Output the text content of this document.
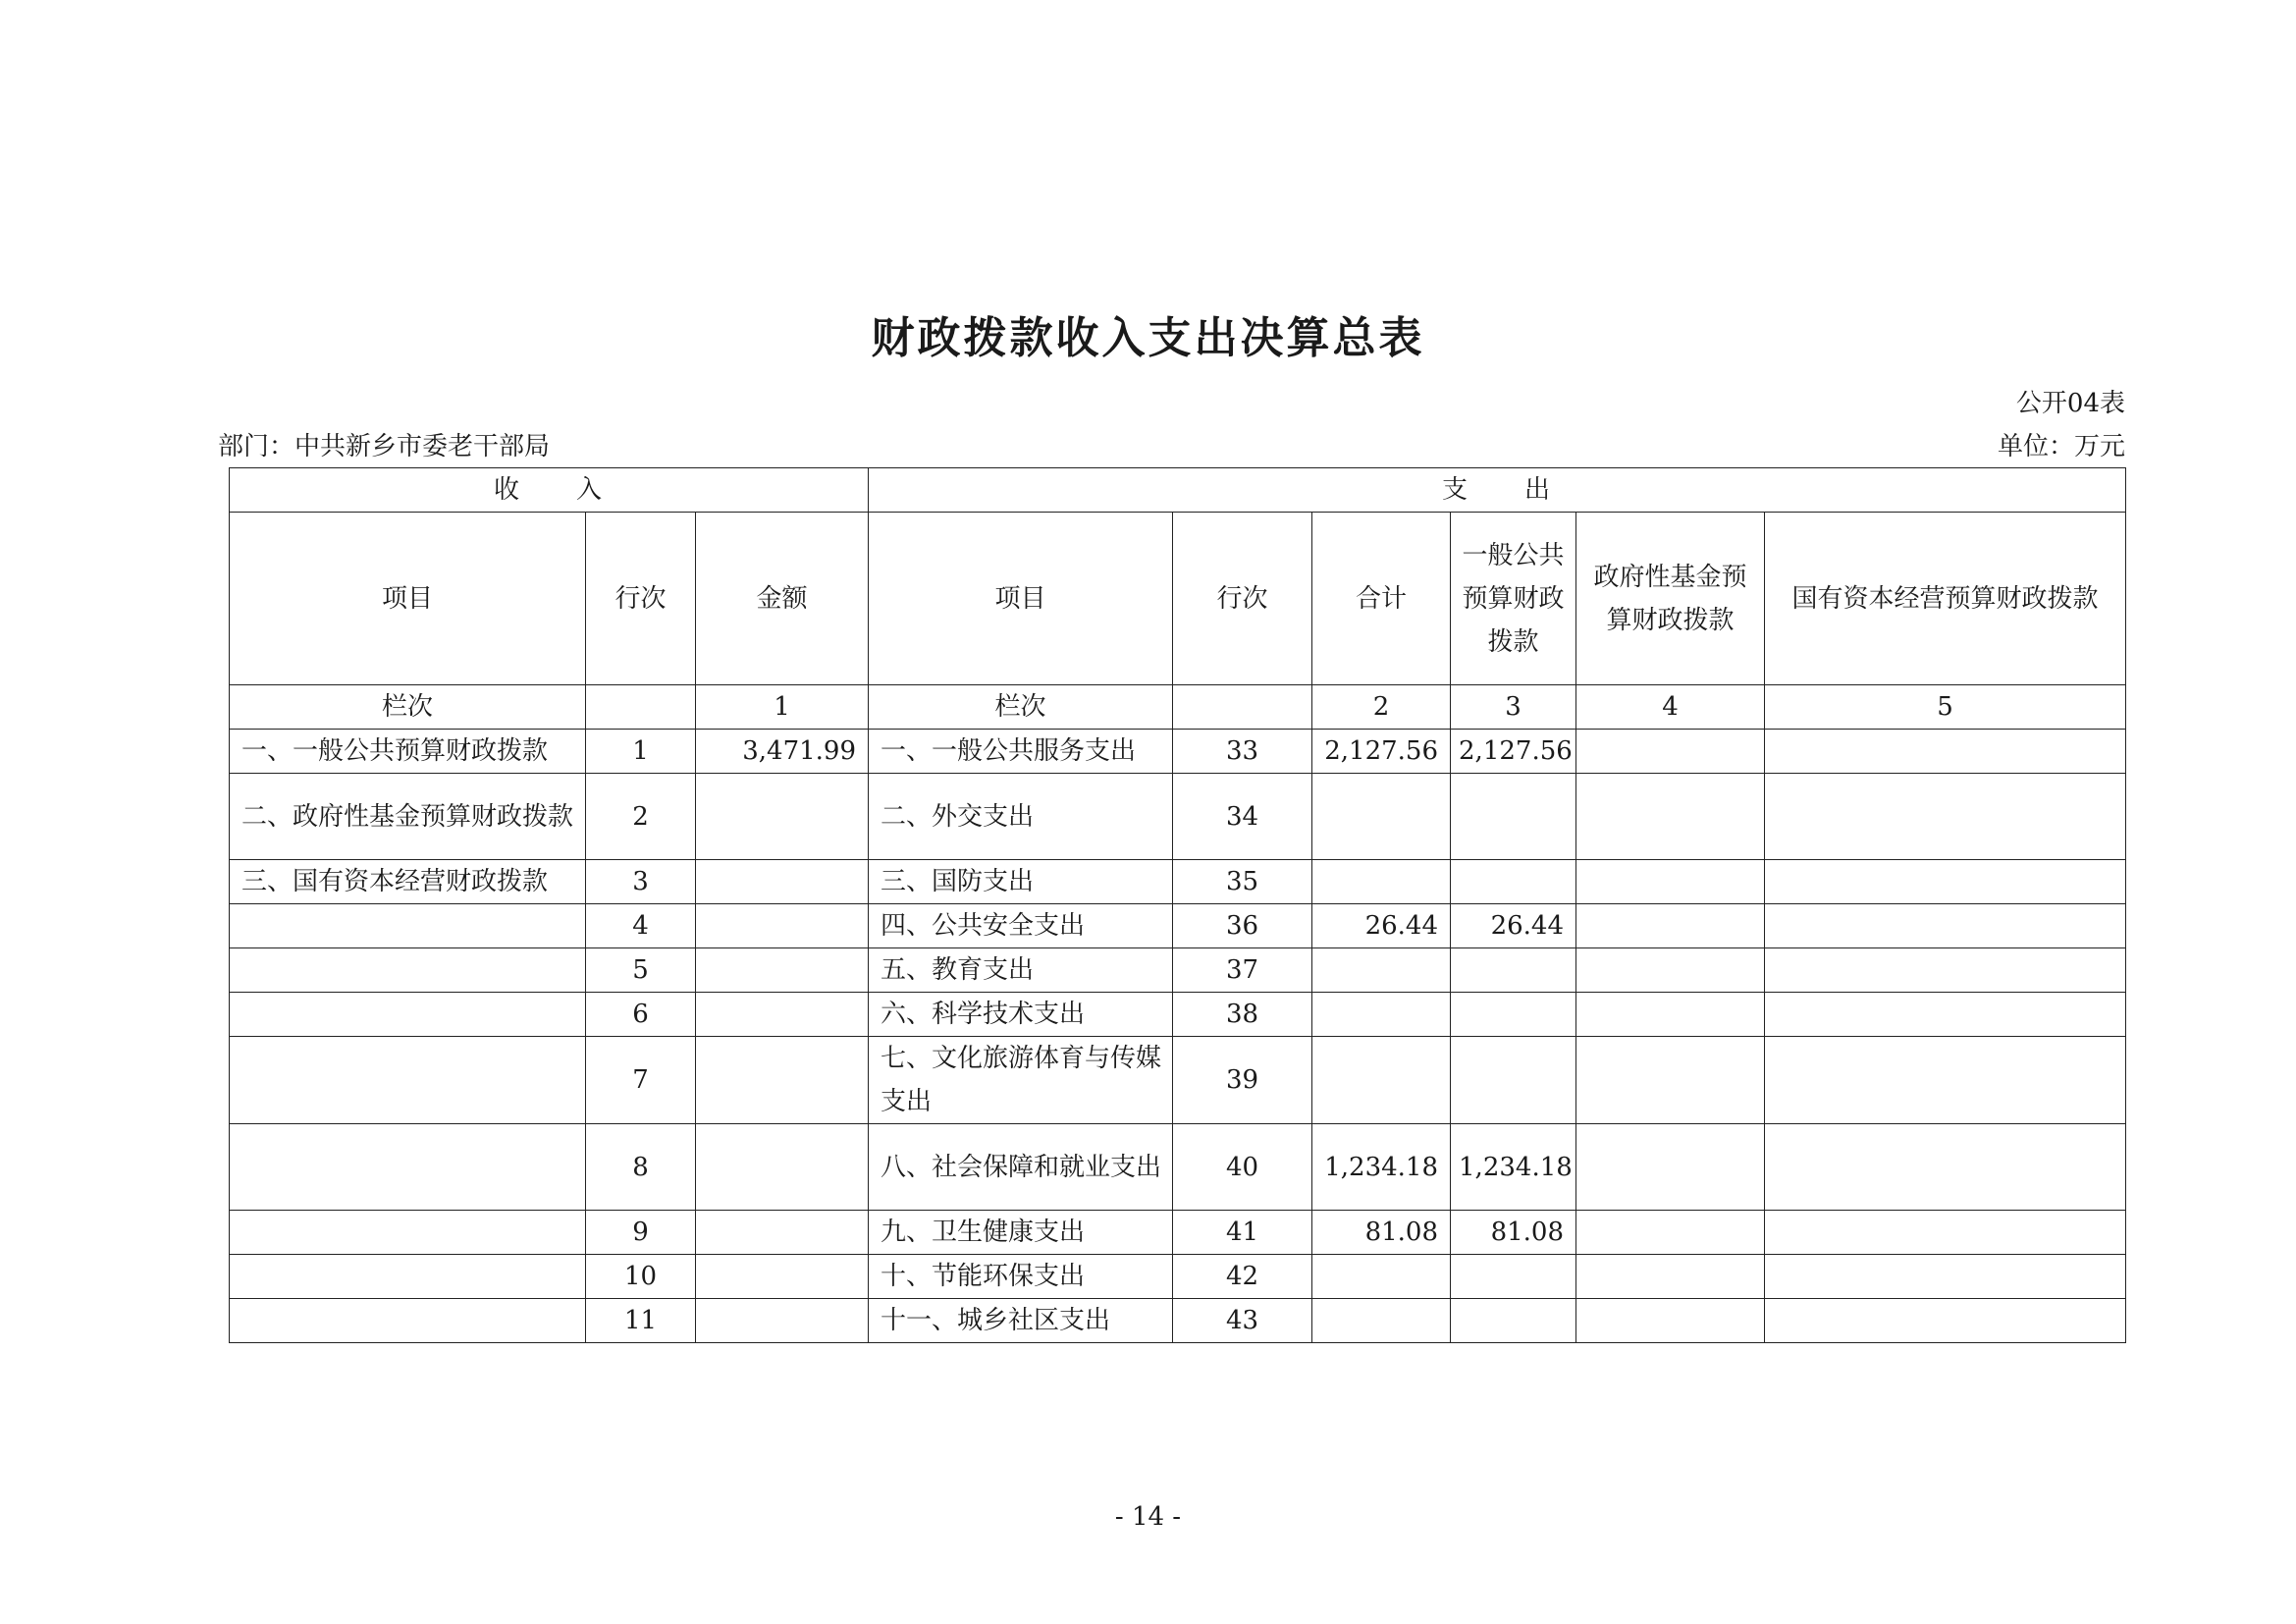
财政拨款收入支出决算总表
公开04表
部门：中共新乡市委老干部局	单位：万元
收　　入			支　　出					
项目	行次	金额	项目	行次	合计	一般公共预算财政拨款	政府性基金预算财政拨款	国有资本经营预算财政拨款
栏次		1	栏次		2	3	4	5
一、一般公共预算财政拨款	1	3,471.99	一、一般公共服务支出	33	2,127.56	2,127.56		
二、政府性基金预算财政拨款	2		二、外交支出	34				
三、国有资本经营财政拨款	3		三、国防支出	35				
	4		四、公共安全支出	36	26.44	26.44		
	5		五、教育支出	37				
	6		六、科学技术支出	38				
	7		七、文化旅游体育与传媒支出	39				
	8		八、社会保障和就业支出	40	1,234.18	1,234.18		
	9		九、卫生健康支出	41	81.08	81.08		
	10		十、节能环保支出	42				
	11		十一、城乡社区支出	43				
- 14 -
